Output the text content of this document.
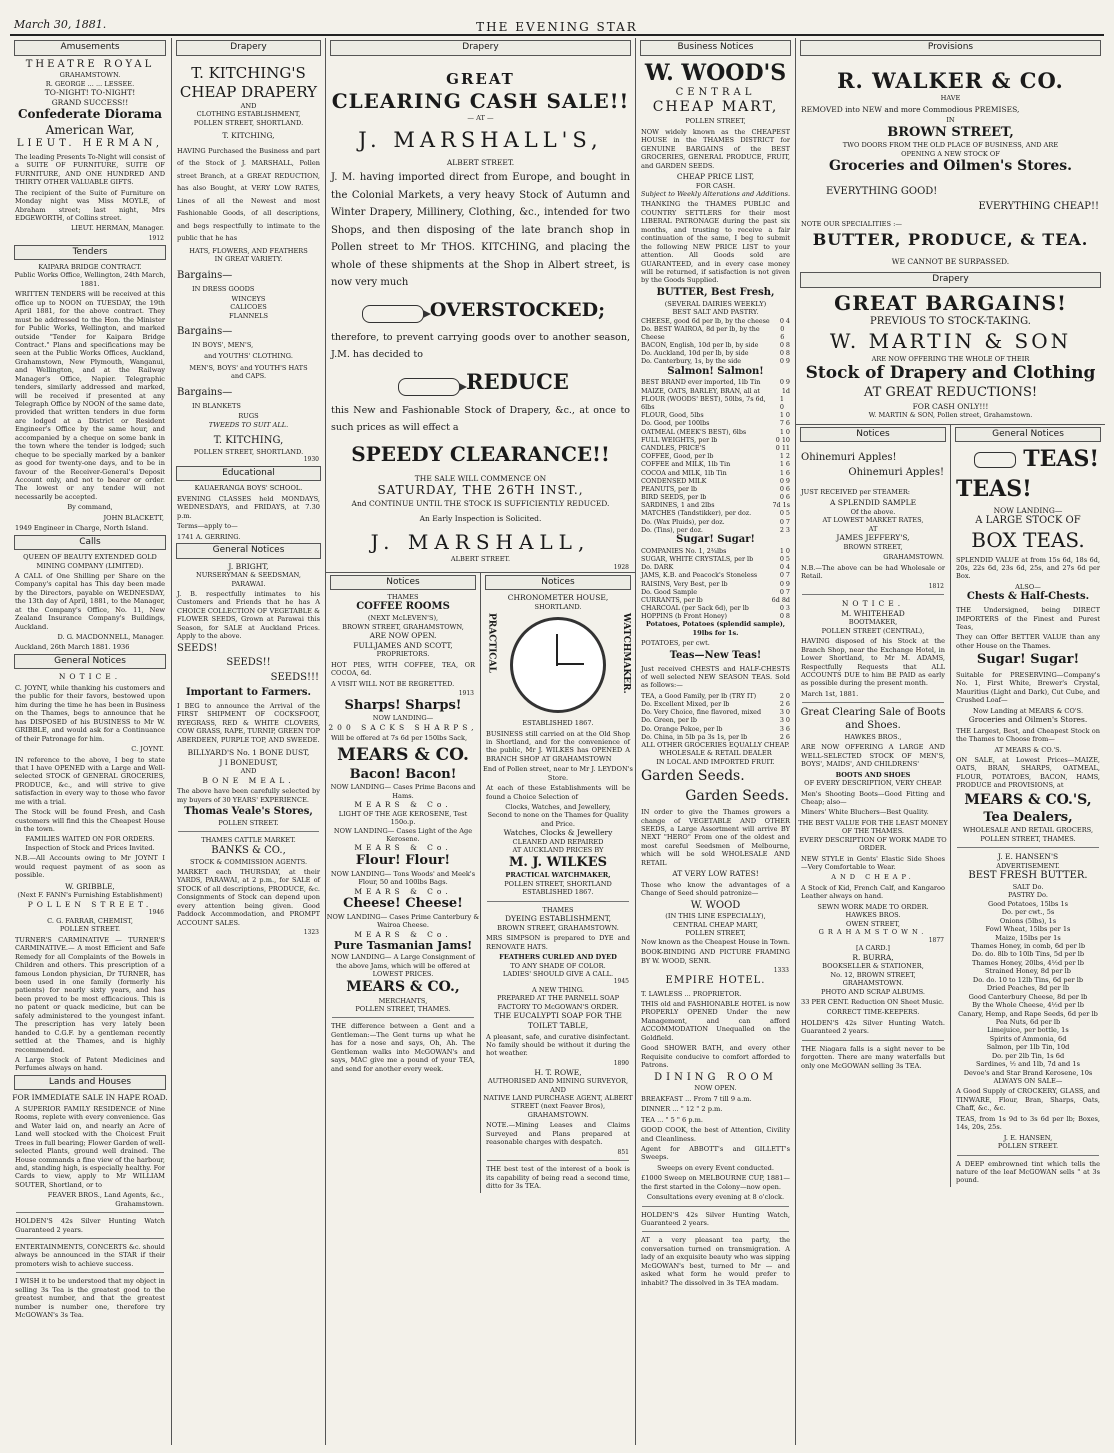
March 30, 1881.	THE EVENING STAR
Amusements
THEATRE ROYAL
GRAHAMSTOWN.
R. GEORGE ... ... LESSEE.
TO-NIGHT! TO-NIGHT!
GRAND SUCCESS!!
Confederate Diorama
American War,
LIEUT. HERMAN,
The leading Presents To-Night will consist of a SUITE OF FURNITURE, SUITE OF FURNITURE, AND ONE HUNDRED AND THIRTY OTHER VALUABLE GIFTS.
The recipient of the Suite of Furniture on Monday night was Miss MOYLE, of Abraham street; last night, Mrs EDGEWORTH, of Collins street.
LIEUT. HERMAN, Manager.
1912
Tenders
KAIPARA BRIDGE CONTRACT.
Public Works Office, Wellington, 24th March, 1881.
WRITTEN TENDERS will be received at this office up to NOON on TUESDAY, the 19th April 1881, for the above contract. They must be addressed to the Hon. the Minister for Public Works, Wellington, and marked outside "Tender for Kaipara Bridge Contract." Plans and specifications may be seen at the Public Works Offices, Auckland, Grahamstown, New Plymouth, Wanganui, and Wellington, and at the Railway Manager's Office, Napier. Telegraphic tenders, similarly addressed and marked, will be received if presented at any Telegraph Office by NOON of the same date, provided that written tenders in due form are lodged at a District or Resident Engineer's Office by the same hour, and accompanied by a cheque on some bank in the town where the tender is lodged; such cheque to be specially marked by a banker as good for twenty-one days, and to be in favour of the Receiver-General's Deposit Account only, and not to bearer or order. The lowest or any tender will not necessarily be accepted.
By command,
JOHN BLACKETT,
1949 Engineer in Charge, North Island.
Calls
QUEEN OF BEAUTY EXTENDED GOLD MINING COMPANY (LIMITED).
A CALL of One Shilling per Share on the Company's capital has This day been made by the Directors, payable on WEDNESDAY, the 13th day of April, 1881, to the Manager, at the Company's Office, No. 11, New Zealand Insurance Company's Buildings, Auckland.
D. G. MACDONNELL, Manager.
Auckland, 26th March 1881. 1936
General Notices
NOTICE.
C. JOYNT, while thanking his customers and the public for their favors, bestowed upon him during the time he has been in Business on the Thames, begs to announce that he has DISPOSED of his BUSINESS to Mr W. GRIBBLE, and would ask for a Continuance of their Patronage for him.
C. JOYNT.
IN reference to the above, I beg to state that I have OPENED with a Large and Well-selected STOCK of GENERAL GROCERIES, PRODUCE, &c., and will strive to give satisfaction in every way to those who favor me with a trial.
The Stock will be found Fresh, and Cash customers will find this the Cheapest House in the town.
FAMILIES WAITED ON FOR ORDERS.
Inspection of Stock and Prices Invited.
N.B.—All Accounts owing to Mr JOYNT I would request payment of as soon as possible.
W. GRIBBLE,
(Next F. FANN's Furnishing Establishment)
POLLEN STREET.
1946
C. G. FARRAR, CHEMIST,
POLLEN STREET.
TURNER'S CARMINATIVE — TURNER'S CARMINATIVE.— A most Efficient and Safe Remedy for all Complaints of the Bowels in Children and others. This prescription of a famous London physician, Dr TURNER, has been used in one family (formerly his patients) for nearly sixty years, and has been proved to be most efficacious. This is no patent or quack medicine, but can be safely administered to the youngest infant. The prescription has very lately been handed to C.G.F. by a gentleman recently settled at the Thames, and is highly recommended.
A Large Stock of Patent Medicines and Perfumes always on hand.
Lands and Houses
FOR IMMEDIATE SALE IN HAPE ROAD.
A SUPERIOR FAMILY RESIDENCE of Nine Rooms, replete with every convenience. Gas and Water laid on, and nearly an Acre of Land well stocked with the Choicest Fruit Trees in full bearing; Flower Garden of well-selected Plants, ground well drained. The House commands a fine view of the harbour, and, standing high, is especially healthy. For Cards to view, apply to Mr WILLIAM SOUTER, Shortland, or to
FEAVER BROS., Land Agents, &c., Grahamstown.
HOLDEN'S 42s Silver Hunting Watch Guaranteed 2 years.
ENTERTAINMENTS, CONCERTS &c. should always be announced in the STAR if their promoters wish to achieve success.
I WISH it to be understood that my object in selling 3s Tea is the greatest good to the greatest number, and that the greatest number is number one, therefore try McGOWAN's 3s Tea.
Drapery
T. KITCHING'S
CHEAP DRAPERY
AND
CLOTHING ESTABLISHMENT,
POLLEN STREET, SHORTLAND.
T. KITCHING,
HAVING Purchased the Business and part of the Stock of J. MARSHALL, Pollen street Branch, at a GREAT REDUCTION, has also Bought, at VERY LOW RATES, Lines of all the Newest and most Fashionable Goods, of all descriptions, and begs respectfully to intimate to the public that he has
HATS, FLOWERS, AND FEATHERS
IN GREAT VARIETY.
Bargains—
IN DRESS GOODS
WINCEYS
CALICOES
FLANNELS
Bargains—
IN BOYS', MEN'S,
and YOUTHS' CLOTHING.
MEN'S, BOYS' and YOUTH'S HATS
and CAPS.
Bargains—
IN BLANKETS
RUGS
TWEEDS TO SUIT ALL.
T. KITCHING,
POLLEN STREET, SHORTLAND.
1930
Educational
KAUAERANGA BOYS' SCHOOL.
EVENING CLASSES held MONDAYS, WEDNESDAYS, and FRIDAYS, at 7.30 p.m.
Terms—apply to—
1741 A. GERRING.
General Notices
J. BRIGHT,
NURSERYMAN & SEEDSMAN,
PARAWAI.
J. B. respectfully intimates to his Customers and Friends that he has A CHOICE COLLECTION OF VEGETABLE & FLOWER SEEDS, Grown at Parawai this Season, for SALE at Auckland Prices. Apply to the above.
SEEDS!
SEEDS!!
SEEDS!!!
Important to Farmers.
I BEG to announce the Arrival of the FIRST SHIPMENT OF COCKSFOOT, RYEGRASS, RED & WHITE CLOVERS, COW GRASS, RAPE, TURNIP, GREEN TOP ABERDEEN, PURPLE TOP, AND SWEEDE.
BILLYARD'S No. 1 BONE DUST,
J I BONEDUST,
AND
BONE MEAL.
The above have been carefully selected by my buyers of 30 YEARS' EXPERIENCE.
Thomas Veale's Stores,
POLLEN STREET.
THAMES CATTLE MARKET.
BANKS & CO.,
STOCK & COMMISSION AGENTS.
MARKET each THURSDAY, at their YARDS, PARAWAI, at 2 p.m., for SALE of STOCK of all descriptions, PRODUCE, &c. Consignments of Stock can depend upon every attention being given. Good Paddock Accommodation, and PROMPT ACCOUNT SALES.
1323
Drapery
GREAT
CLEARING CASH SALE!!
— AT —
J. MARSHALL'S,
ALBERT STREET.
J. M. having imported direct from Europe, and bought in the Colonial Markets, a very heavy Stock of Autumn and Winter Drapery, Millinery, Clothing, &c., intended for two Shops, and then disposing of the late branch shop in Pollen street to Mr THOS. KITCHING, and placing the whole of these shipments at the Shop in Albert street, is now very much
OVERSTOCKED;
therefore, to prevent carrying goods over to another season, J.M. has decided to
REDUCE
this New and Fashionable Stock of Drapery, &c., at once to such prices as will effect a
SPEEDY CLEARANCE!!
THE SALE WILL COMMENCE ON
SATURDAY, THE 26TH INST.,
And CONTINUE UNTIL THE STOCK IS SUFFICIENTLY REDUCED.
An Early Inspection is Solicited.
J. MARSHALL,
ALBERT STREET.
1928
Notices
THAMES
COFFEE ROOMS
(NEXT McLEVEN'S),
BROWN STREET, GRAHAMSTOWN,
ARE NOW OPEN.
FULLJAMES AND SCOTT,
PROPRIETORS.
HOT PIES, WITH COFFEE, TEA, OR COCOA, 6d.
A VISIT WILL NOT BE REGRETTED.
1913
Sharps! Sharps!
NOW LANDING—
200 SACKS SHARPS,
Will be offered at 7s 6d per 150lbs Sack,
MEARS & CO.
Bacon! Bacon!
NOW LANDING— Cases Prime Bacons and Hams.
MEARS & Co.
LIGHT OF THE AGE KEROSENE, Test 150o.p.
NOW LANDING— Cases Light of the Age Kerosene.
MEARS & Co.
Flour! Flour!
NOW LANDING— Tons Woods' and Meek's Flour, 50 and 100lbs Bags.
MEARS & Co.
Cheese! Cheese!
NOW LANDING— Cases Prime Canterbury & Wairoa Cheese.
MEARS & Co.
Pure Tasmanian Jams!
NOW LANDING— A Large Consignment of the above Jams, which will be offered at LOWEST PRICES.
MEARS & CO.,
MERCHANTS,
POLLEN STREET, THAMES.
THE difference between a Gent and a Gentleman:—The Gent turns up what he has for a nose and says, Oh, Ah. The Gentleman walks into McGOWAN's and says, MAC give me a pound of your TEA, and send for another every week.
Notices
CHRONOMETER HOUSE,
SHORTLAND.
PRACTICAL	WATCHMAKER.
ESTABLISHED 1867.
BUSINESS still carried on at the Old Shop in Shortland, and for the convenience of the public, Mr J. WILKES has OPENED A BRANCH SHOP AT GRAHAMSTOWN
End of Pollen street, near to Mr J. LEYDON's Store.
At each of these Establishments will be found a Choice Selection of
Clocks, Watches, and Jewellery,
Second to none on the Thames for Quality and Price.
Watches, Clocks & Jewellery
CLEANED AND REPAIRED
AT AUCKLAND PRICES BY
M. J. WILKES
PRACTICAL WATCHMAKER,
POLLEN STREET, SHORTLAND
ESTABLISHED 1867.
THAMES
DYEING ESTABLISHMENT,
BROWN STREET, GRAHAMSTOWN.
MRS SIMPSON is prepared to DYE and RENOVATE HATS.
FEATHERS CURLED AND DYED
TO ANY SHADE OF COLOR.
LADIES' SHOULD GIVE A CALL.
1945
A NEW THING.
PREPARED AT THE PARNELL SOAP FACTORY TO McGOWAN'S ORDER.
THE EUCALYPTI SOAP FOR THE TOILET TABLE,
A pleasant, safe, and curative disinfectant. No family should be without it during the hot weather.
1890
H. T. ROWE,
AUTHORISED AND MINING SURVEYOR, AND
NATIVE LAND PURCHASE AGENT, ALBERT STREET (next Feaver Bros), GRAHAMSTOWN.
NOTE.—Mining Leases and Claims Surveyed and Plans prepared at reasonable charges with despatch.
851
THE best test of the interest of a book is its capability of being read a second time, ditto for 3s TEA.
Business Notices
W. WOOD'S
CENTRAL
CHEAP MART,
POLLEN STREET,
NOW widely known as the CHEAPEST HOUSE in the THAMES DISTRICT for GENUINE BARGAINS of the BEST GROCERIES, GENERAL PRODUCE, FRUIT, and GARDEN SEEDS.
CHEAP PRICE LIST,
FOR CASH.
Subject to Weekly Alterations and Additions.
THANKING the THAMES PUBLIC and COUNTRY SETTLERS for their most LIBERAL PATRONAGE during the past six months, and trusting to receive a fair continuation of the same, I beg to submit the following NEW PRICE LIST to your attention. All Goods sold are GUARANTEED, and in every case money will be returned, if satisfaction is not given by the Goods Supplied.
BUTTER, Best Fresh,
(SEVERAL DAIRIES WEEKLY)
BEST SALT AND PASTRY.
CHEESE, good 6d per lb, by the cheese 0 4
Do. BEST WAIROA, 8d per lb, by the Cheese
0 6
BACON, English, 10d per lb, by side	0 8
Do. Auckland, 10d per lb, by side	0 8
Do. Canterbury, 1s, by the side	0 9
Salmon! Salmon!
BEST BRAND ever imported, 1lb Tin	0 9
MAIZE, OATS, BARLEY, BRAN, all at	1d
FLOUR (WOODS' BEST), 50lbs, 7s 6d, 6lbs
1 0
FLOUR, Good, 5lbs	1 0
Do. Good, per 100lbs	7 6
OATMEAL (MEEK'S BEST), 6lbs	1 0
FULL WEIGHTS, per lb	0 10
CANDLES, PRICE'S	0 11
COFFEE, Good, per lb	1 2
COFFEE and MILK, 1lb Tin	1 6
COCOA and MILK, 1lb Tin	1 6
CONDENSED MILK	0 9
PEANUTS, per lb	0 6
BIRD SEEDS, per lb	0 6
SARDINES, 1 and 2lbs	7d 1s
MATCHES (Tandstikker), per doz.	0 5
Do. (Wax Pluids), per doz.	0 7
Do. (Tins), per doz.	2 3
Sugar! Sugar!
COMPANIES No. 1, 2¾lbs	1 0
SUGAR, WHITE CRYSTALS, per lb	0 5
Do. DARK	0 4
JAMS, K.B. and Peacock's Stoneless	0 7
RAISINS, Very Best, per lb	0 9
Do. Good Sample	0 7
CURRANTS, per lb	6d 8d
CHARCOAL (per Sack 6d), per lb	0 3
HOPPINS (b Front Honey)	0 8
Potatoes, Potatoes (splendid sample), 19lbs for 1s.
POTATOES, per cwt.
Teas—New Teas!
Just received CHESTS and HALF-CHESTS of well selected NEW SEASON TEAS. Sold as follows:—
TEA, a Good Family, per lb (TRY IT)	2 0
Do. Excellent Mixed, per lb	2 6
Do. Very Choice, fine flavored, mixed	3 0
Do. Green, per lb	3 0
Do. Orange Pekoe, per lb	3 6
Do. China, in 5lb pa 3s 1s, per lb	2 6
ALL OTHER GROCERIES EQUALLY CHEAP.
WHOLESALE & RETAIL DEALER
IN LOCAL AND IMPORTED FRUIT.
Garden Seeds.
Garden Seeds.
IN order to give the Thames growers a change of VEGETABLE AND OTHER SEEDS, a Large Assortment will arrive BY NEXT "HERO" From one of the oldest and most careful Seedsmen of Melbourne, which will be sold WHOLESALE AND RETAIL
AT VERY LOW RATES!
Those who know the advantages of a Change of Seed should patronize—
W. WOOD
(IN THIS LINE ESPECIALLY),
CENTRAL CHEAP MART,
POLLEN STREET,
Now known as the Cheapest House in Town.
BOOK-BINDING AND PICTURE FRAMING BY W. WOOD, SENR.
1333
EMPIRE HOTEL.
T. LAWLESS ... PROPRIETOR.
THIS old and FASHIONABLE HOTEL is now PROPERLY OPENED Under the new Management, and can afford ACCOMMODATION Unequalled on the Goldfield.
Good SHOWER BATH, and every other Requisite conducive to comfort afforded to Patrons.
DINING ROOM
NOW OPEN.
BREAKFAST ... From 7 till 9 a.m.
DINNER ... " 12 " 2 p.m.
TEA ... " 5 " 6 p.m.
GOOD COOK, the best of Attention, Civility and Cleanliness.
Agent for ABBOTT's and GILLETT's Sweeps.
Sweeps on every Event conducted.
£1000 Sweep on MELBOURNE CUP, 1881—the first started in the Colony—now open.
Consultations every evening at 8 o'clock.
HOLDEN'S 42s Silver Hunting Watch, Guaranteed 2 years.
AT a very pleasant tea party, the conversation turned on transmigration. A lady of an exquisite beauty who was sipping McGOWAN's best, turned to Mr — and asked what form he would prefer to inhabit? The dissolved in 3s TEA madam.
Provisions
R. WALKER & CO.
HAVE
REMOVED into NEW and more Commodious PREMISES,
IN
BROWN STREET,
TWO DOORS FROM THE OLD PLACE OF BUSINESS, AND ARE
OPENING A NEW STOCK OF
Groceries and Oilmen's Stores.
EVERYTHING GOOD!
EVERYTHING CHEAP!!
NOTE OUR SPECIALITIES :—
BUTTER, PRODUCE, & TEA.
WE CANNOT BE SURPASSED.
Drapery
GREAT BARGAINS!
PREVIOUS TO STOCK-TAKING.
W. MARTIN & SON
ARE NOW OFFERING THE WHOLE OF THEIR
Stock of Drapery and Clothing
AT GREAT REDUCTIONS!
FOR CASH ONLY!!!
W. MARTIN & SON, Pollen street, Grahamstown.
Notices
Ohinemuri Apples!
Ohinemuri Apples!
JUST RECEIVED per STEAMER:
A SPLENDID SAMPLE
Of the above.
AT LOWEST MARKET RATES,
AT
JAMES JEFFERY'S,
BROWN STREET,
GRAHAMSTOWN.
N.B.—The above can be had Wholesale or Retail.
1812
NOTICE.
M. WHITEHEAD
BOOTMAKER,
POLLEN STREET (CENTRAL),
HAVING disposed of his Stock at the Branch Shop, near the Exchange Hotel, in Lower Shortland, to Mr M. ADAMS, Respectfully Requests that ALL ACCOUNTS DUE to him BE PAID as early as possible during the present month.
March 1st, 1881.
Great Clearing Sale of Boots and Shoes.
HAWKES BROS.,
ARE NOW OFFERING A LARGE AND WELL-SELECTED STOCK OF MEN'S, BOYS', MAIDS', AND CHILDRENS'
BOOTS AND SHOES
OF EVERY DESCRIPTION, VERY CHEAP.
Men's Shooting Boots—Good Fitting and Cheap; also—
Miners' White Bluchers—Best Quality.
THE BEST VALUE FOR THE LEAST MONEY OF THE THAMES.
EVERY DESCRIPTION OF WORK MADE TO ORDER.
NEW STYLE in Gents' Elastic Side Shoes —Very Comfortable to Wear.
AND CHEAP.
A Stock of Kid, French Calf, and Kangaroo Leather always on hand.
SEWN WORK MADE TO ORDER.
HAWKES BROS.
OWEN STREET,
GRAHAMSTOWN.
1877
[A CARD.]
R. BURRA,
BOOKSELLER & STATIONER,
No. 12, BROWN STREET,
GRAHAMSTOWN.
PHOTO AND SCRAP ALBUMS.
33 PER CENT. Reduction ON Sheet Music.
CORRECT TIME-KEEPERS.
HOLDEN'S 42s Silver Hunting Watch. Guaranteed 2 years.
THE Niagara falls is a sight never to be forgotten. There are many waterfalls but only one McGOWAN selling 3s TEA.
General Notices
TEAS!
TEAS!
NOW LANDING—
A LARGE STOCK OF
BOX TEAS.
SPLENDID VALUE at from 15s 6d, 18s 6d, 20s, 22s 6d, 23s 6d, 25s, and 27s 6d per Box.
ALSO—
Chests & Half-Chests.
THE Undersigned, being DIRECT IMPORTERS of the Finest and Purest Teas,
They can Offer BETTER VALUE than any other House on the Thames.
Sugar! Sugar!
Suitable for PRESERVING—Company's No. 1, First White, Brewer's Crystal, Mauritius (Light and Dark), Cut Cube, and Crushed Loaf—
Now Landing at MEARS & CO'S.
Groceries and Oilmen's Stores.
THE Largest, Best, and Cheapest Stock on the Thames to Choose from—
AT MEARS & CO.'S.
ON SALE, at Lowest Prices—MAIZE, OATS, BRAN, SHARPS, OATMEAL, FLOUR, POTATOES, BACON, HAMS, PRODUCE and PROVISIONS, at
MEARS & CO.'S,
Tea Dealers,
WHOLESALE AND RETAIL GROCERS, POLLEN STREET, THAMES.
J. E. HANSEN'S
ADVERTISEMENT.
BEST FRESH BUTTER.
SALT Do.
PASTRY Do.
Good Potatoes, 15lbs 1s
Do. per cwt., 5s
Onions (5lbs), 1s
Fowl Wheat, 15lbs per 1s
Maize, 15lbs per 1s
Thames Honey, in comb, 6d per lb
Do. do. 8lb to 10lb Tins, 5d per lb
Thames Honey, 20lbs, 4½d per lb
Strained Honey, 8d per lb
Do. do. 10 to 12lb Tins, 6d per lb
Dried Peaches, 8d per lb
Good Canterbury Cheese, 8d per lb
By the Whole Cheese, 4½d per lb
Canary, Hemp, and Rape Seeds, 6d per lb
Pea Nuts, 6d per lb
Limejuice, per bottle, 1s
Spirits of Ammonia, 6d
Salmon, per 1lb Tin, 10d
Do. per 2lb Tin, 1s 6d
Sardines, ½ and 1lb, 7d and 1s
Devoe's and Star Brand Kerosene, 10s
ALWAYS ON SALE—
A Good Supply of CROCKERY, GLASS, and TINWARE, Flour, Bran, Sharps, Oats, Chaff, &c., &c.
TEAS, from 1s 9d to 3s 6d per lb; Boxes, 14s, 20s, 25s.
J. E. HANSEN,
POLLEN STREET.
A DEEP embrowned tint which tells the nature of the leaf McGOWAN sells " at 3s pound.
